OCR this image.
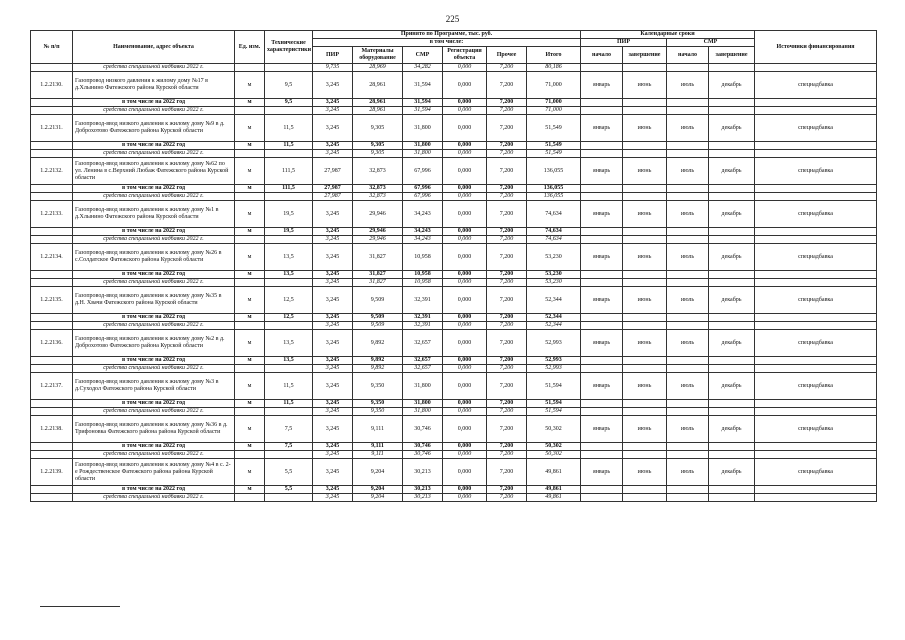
225
№ п/п	Наименование, адрес объекта	Ед. изм.	Технические характеристики	Принято по Программе, тыс. руб.						Календарные сроки				Источники финансирования
				в том числе:						ПИР		СМР		
				ПИР	Материалы оборудование	СМР	Регистрация объекта	Прочее	Итого	начало	завершение	начало	завершение	
	средства специальной надбавки 2022 г.			9,735	28,969	34,282	0,000	7,200	80,186					
1.2.2130.	Газопровод низкого давления к жилому дому №17 в д.Хлынино Фатежского района Курской области	м	9,5	3,245	28,961	31,594	0,000	7,200	71,000	январь	июнь	июль	декабрь	спецнадбавка
	в том числе на 2022 год	м	9,5	3,245	28,961	31,594	0,000	7,200	71,000					
	средства специальной надбавки 2022 г.			3,245	28,961	31,594	0,000	7,200	71,000					
1.2.2131.	Газопровод-ввод низкого давления к жилому дому №9 в д. Доброхотово Фатежского района Курской области	м	11,5	3,245	9,305	31,800	0,000	7,200	51,549	январь	июнь	июль	декабрь	спецнадбавка
	в том числе на 2022 год	м	11,5	3,245	9,305	31,800	0,000	7,200	51,549					
	средства специальной надбавки 2022 г.			3,245	9,305	31,800	0,000	7,200	51,549					
1.2.2132.	Газопровод-ввод низкого давления к жилому дому №62 по ул. Ленина в с.Верхний Любаж Фатежского района Курской области	м	111,5	27,987	32,873	67,996	0,000	7,200	136,055	январь	июнь	июль	декабрь	спецнадбавка
	в том числе на 2022 год	м	111,5	27,987	32,873	67,996	0,000	7,200	136,055					
	средства специальной надбавки 2022 г.			27,987	32,873	67,996	0,000	7,200	136,055					
1.2.2133.	Газопровод-ввод низкого давления к жилому дому №1 в д.Хлынино Фатежского района Курской области	м	19,5	3,245	29,946	34,243	0,000	7,200	74,634	январь	июнь	июль	декабрь	спецнадбавка
	в том числе на 2022 год	м	19,5	3,245	29,946	34,243	0,000	7,200	74,634					
	средства специальной надбавки 2022 г.			3,245	29,946	34,243	0,000	7,200	74,634					
1.2.2134.	Газопровод-ввод низкого давления к жилому дому №26 в с.Солдатское Фатежского района Курской области	м	13,5	3,245	31,827	10,958	0,000	7,200	53,230	январь	июнь	июль	декабрь	спецнадбавка
	в том числе на 2022 год	м	13,5	3,245	31,827	10,958	0,000	7,200	53,230					
	средства специальной надбавки 2022 г.			3,245	31,827	10,958	0,000	7,200	53,230					
1.2.2135.	Газопровод-ввод низкого давления к жилому дому №35 в д.Н. Хвачи Фатежского района Курской области	м	12,5	3,245	9,509	32,391	0,000	7,200	52,344	январь	июнь	июль	декабрь	спецнадбавка
	в том числе на 2022 год	м	12,5	3,245	9,509	32,391	0,000	7,200	52,344					
	средства специальной надбавки 2022 г.			3,245	9,509	32,391	0,000	7,200	52,344					
1.2.2136.	Газопровод-ввод низкого давления к жилому дому №2 в д. Доброхотово Фатежского района Курской области	м	13,5	3,245	9,892	32,657	0,000	7,200	52,993	январь	июнь	июль	декабрь	спецнадбавка
	в том числе на 2022 год	м	13,5	3,245	9,892	32,657	0,000	7,200	52,993					
	средства специальной надбавки 2022 г.			3,245	9,892	32,657	0,000	7,200	52,993					
1.2.2137.	Газопровод-ввод низкого давления к жилому дому №3 в д.Суходол Фатежского района Курской области	м	11,5	3,245	9,350	31,800	0,000	7,200	51,594	январь	июнь	июль	декабрь	спецнадбавка
	в том числе на 2022 год	м	11,5	3,245	9,350	31,800	0,000	7,200	51,594					
	средства специальной надбавки 2022 г.			3,245	9,350	31,800	0,000	7,200	51,594					
1.2.2138.	Газопровод-ввод низкого давления к жилому дому №36 в д. Трифоновка Фатежского района района Курской области	м	7,5	3,245	9,111	30,746	0,000	7,200	50,302	январь	июнь	июль	декабрь	спецнадбавка
	в том числе на 2022 год	м	7,5	3,245	9,111	30,746	0,000	7,200	50,302					
	средства специальной надбавки 2022 г.			3,245	9,111	30,746	0,000	7,200	50,302					
1.2.2139.	Газопровод-ввод низкого давления к жилому дому №4 в с. 2-е Рождественское Фатежского района района Курской области	м	5,5	3,245	9,204	30,213	0,000	7,200	49,861	январь	июнь	июль	декабрь	спецнадбавка
	в том числе на 2022 год	м	5,5	3,245	9,204	30,213	0,000	7,200	49,861					
	средства специальной надбавки 2022 г.			3,245	9,204	30,213	0,000	7,200	49,861					
